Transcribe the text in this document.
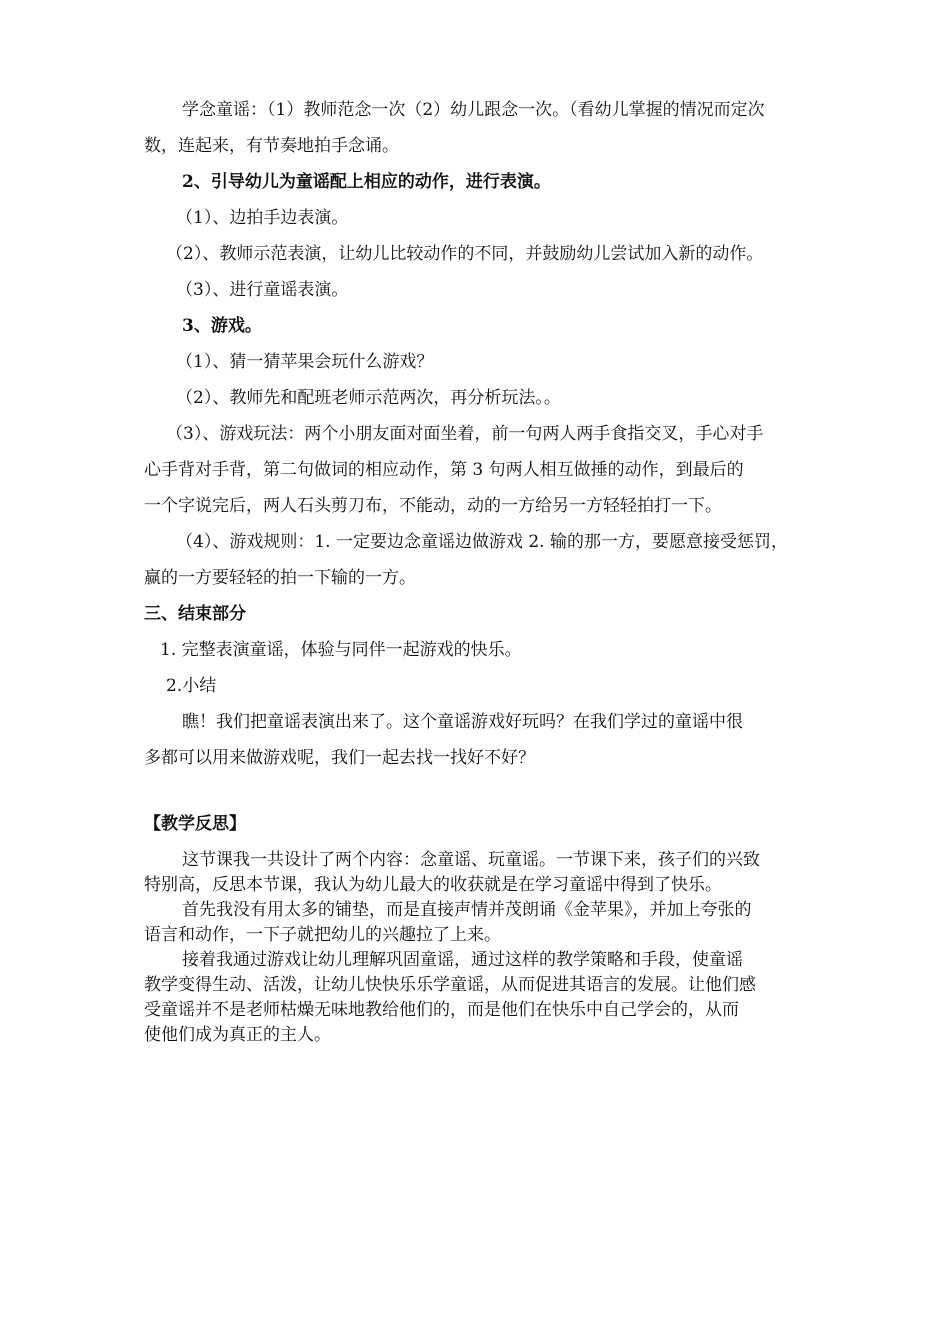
学念童谣：（1）教师范念一次（2）幼儿跟念一次。（看幼儿掌握的情况而定次
数，连起来，有节奏地拍手念诵。
2、引导幼儿为童谣配上相应的动作，进行表演。
（1）、边拍手边表演。
（2）、教师示范表演，让幼儿比较动作的不同，并鼓励幼儿尝试加入新的动作。
（3）、进行童谣表演。
3、游戏。
（1）、猜一猜苹果会玩什么游戏？
（2）、教师先和配班老师示范两次，再分析玩法。。
（3）、游戏玩法：两个小朋友面对面坐着，前一句两人两手食指交叉，手心对手
心手背对手背，第二句做词的相应动作，第 3 句两人相互做捶的动作，到最后的
一个字说完后，两人石头剪刀布，不能动，动的一方给另一方轻轻拍打一下。
（4）、游戏规则：1. 一定要边念童谣边做游戏 2. 输的那一方，要愿意接受惩罚，
赢的一方要轻轻的拍一下输的一方。
三、结束部分
1. 完整表演童谣，体验与同伴一起游戏的快乐。
2.小结
瞧！我们把童谣表演出来了。这个童谣游戏好玩吗？在我们学过的童谣中很
多都可以用来做游戏呢，我们一起去找一找好不好？
【教学反思】
这节课我一共设计了两个内容：念童谣、玩童谣。一节课下来，孩子们的兴致
特别高，反思本节课，我认为幼儿最大的收获就是在学习童谣中得到了快乐。
首先我没有用太多的铺垫，而是直接声情并茂朗诵《金苹果》，并加上夸张的
语言和动作，一下子就把幼儿的兴趣拉了上来。
接着我通过游戏让幼儿理解巩固童谣，通过这样的教学策略和手段，使童谣
教学变得生动、活泼，让幼儿快快乐乐学童谣，从而促进其语言的发展。让他们感
受童谣并不是老师枯燥无味地教给他们的，而是他们在快乐中自己学会的，从而
使他们成为真正的主人。
